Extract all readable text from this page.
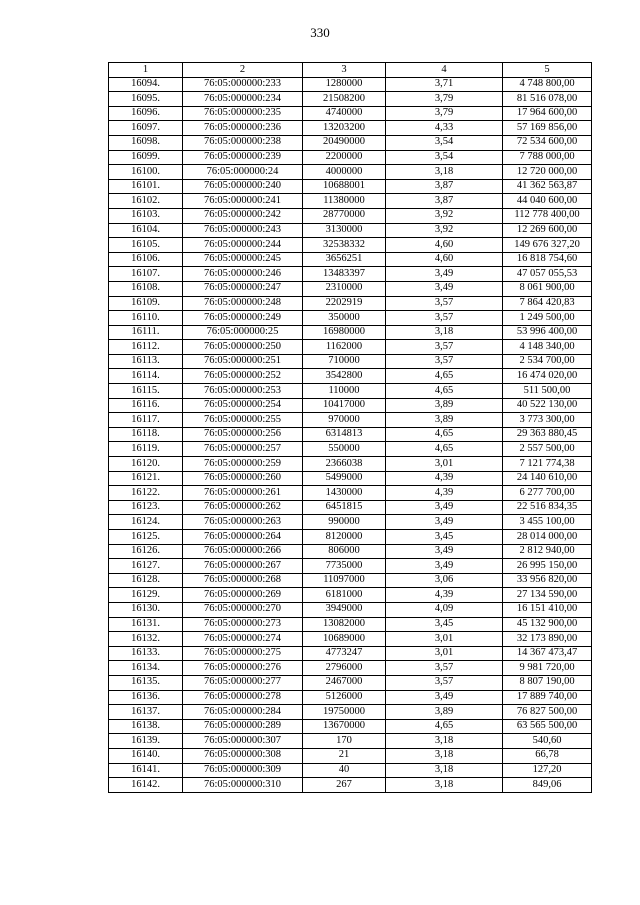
330
1	2	3	4	5
16094.	76:05:000000:233	1280000	3,71	4 748 800,00
16095.	76:05:000000:234	21508200	3,79	81 516 078,00
16096.	76:05:000000:235	4740000	3,79	17 964 600,00
16097.	76:05:000000:236	13203200	4,33	57 169 856,00
16098.	76:05:000000:238	20490000	3,54	72 534 600,00
16099.	76:05:000000:239	2200000	3,54	7 788 000,00
16100.	76:05:000000:24	4000000	3,18	12 720 000,00
16101.	76:05:000000:240	10688001	3,87	41 362 563,87
16102.	76:05:000000:241	11380000	3,87	44 040 600,00
16103.	76:05:000000:242	28770000	3,92	112 778 400,00
16104.	76:05:000000:243	3130000	3,92	12 269 600,00
16105.	76:05:000000:244	32538332	4,60	149 676 327,20
16106.	76:05:000000:245	3656251	4,60	16 818 754,60
16107.	76:05:000000:246	13483397	3,49	47 057 055,53
16108.	76:05:000000:247	2310000	3,49	8 061 900,00
16109.	76:05:000000:248	2202919	3,57	7 864 420,83
16110.	76:05:000000:249	350000	3,57	1 249 500,00
16111.	76:05:000000:25	16980000	3,18	53 996 400,00
16112.	76:05:000000:250	1162000	3,57	4 148 340,00
16113.	76:05:000000:251	710000	3,57	2 534 700,00
16114.	76:05:000000:252	3542800	4,65	16 474 020,00
16115.	76:05:000000:253	110000	4,65	511 500,00
16116.	76:05:000000:254	10417000	3,89	40 522 130,00
16117.	76:05:000000:255	970000	3,89	3 773 300,00
16118.	76:05:000000:256	6314813	4,65	29 363 880,45
16119.	76:05:000000:257	550000	4,65	2 557 500,00
16120.	76:05:000000:259	2366038	3,01	7 121 774,38
16121.	76:05:000000:260	5499000	4,39	24 140 610,00
16122.	76:05:000000:261	1430000	4,39	6 277 700,00
16123.	76:05:000000:262	6451815	3,49	22 516 834,35
16124.	76:05:000000:263	990000	3,49	3 455 100,00
16125.	76:05:000000:264	8120000	3,45	28 014 000,00
16126.	76:05:000000:266	806000	3,49	2 812 940,00
16127.	76:05:000000:267	7735000	3,49	26 995 150,00
16128.	76:05:000000:268	11097000	3,06	33 956 820,00
16129.	76:05:000000:269	6181000	4,39	27 134 590,00
16130.	76:05:000000:270	3949000	4,09	16 151 410,00
16131.	76:05:000000:273	13082000	3,45	45 132 900,00
16132.	76:05:000000:274	10689000	3,01	32 173 890,00
16133.	76:05:000000:275	4773247	3,01	14 367 473,47
16134.	76:05:000000:276	2796000	3,57	9 981 720,00
16135.	76:05:000000:277	2467000	3,57	8 807 190,00
16136.	76:05:000000:278	5126000	3,49	17 889 740,00
16137.	76:05:000000:284	19750000	3,89	76 827 500,00
16138.	76:05:000000:289	13670000	4,65	63 565 500,00
16139.	76:05:000000:307	170	3,18	540,60
16140.	76:05:000000:308	21	3,18	66,78
16141.	76:05:000000:309	40	3,18	127,20
16142.	76:05:000000:310	267	3,18	849,06
